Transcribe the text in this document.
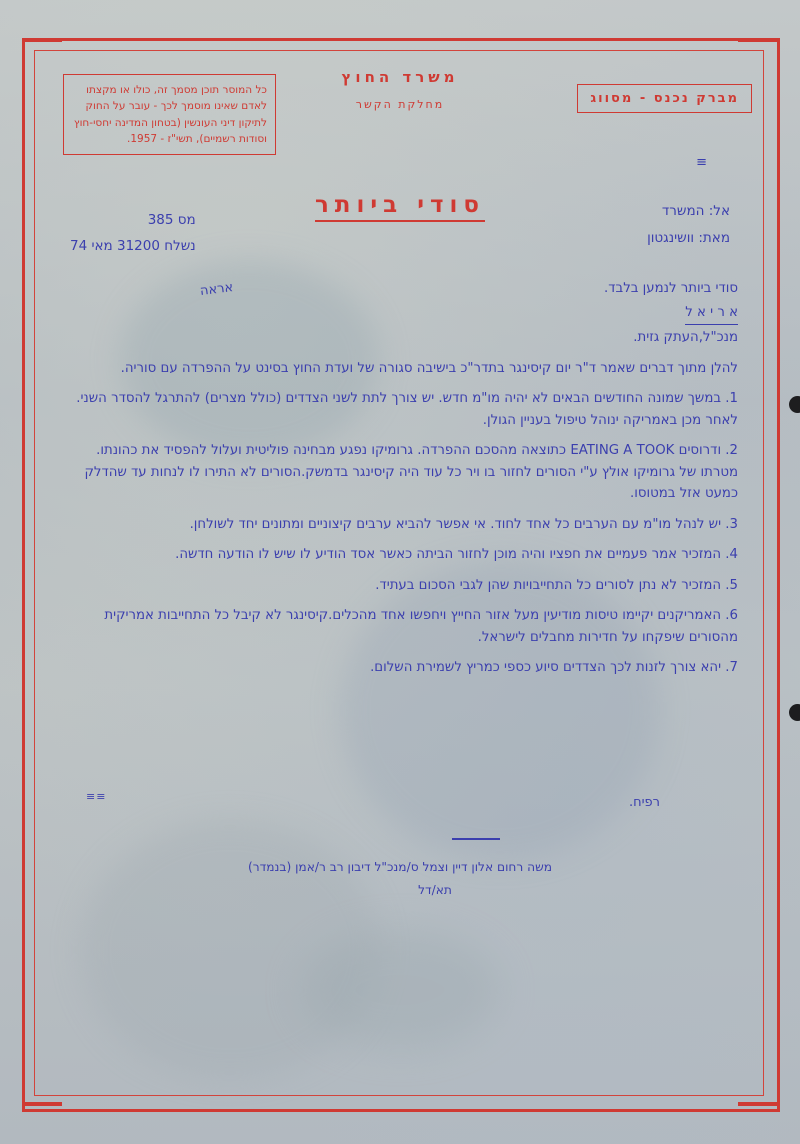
משרד החוץ
מחלקת הקשר	מברק נכנס - מסווג
כל המוסר תוכן מסמך זה, כולו או מקצתו לאדם שאינו מוסמך לכך - עובר על החוק לתיקון דיני העונשין (בטחון המדינה יחסי-חוץ וסודות רשמיים), תשי"ז - 1957.
≡
סודי ביותר
מס 385
נשלח 31200 מאי 74
אל: המשרד
מאת: וושינגטון
אראה	סודי ביותר לנמען בלבד.

א ר י א ל

מנכ"ל,העתק גזית.

להלן מתוך דברים שאמר ד"ר יום קיסינגר בתדר"כ בישיבה סגורה של ועדת החוץ בסינט על ההפרדה עם סוריה.

1. במשך שמונה החודשים הבאים לא יהיה מו"מ חדש. יש צורך לתת לשני הצדדים (כולל מצרים) להתרגל להסדר השני. לאחר מכן באמריקה ינוהל טיפול בעניין הגולן.

2. ודרוסים EATING A TOOK כתוצאה מהסכם ההפרדה. גרומיקו נפגע מבחינה פוליטית ועלול להפסיד את כהונתו. מטרתו של גרומיקו אולץ ע"י הסורים לחזור בו ויר כל עוד היה קיסינגר בדמשק.הסורים לא התירו לו לנחות עד שהדלק כמעט אזל במטוסו.

3. יש לנהל מו"מ עם הערבים כל אחד לחוד. אי אפשר להביא ערבים קיצוניים ומתונים יחד לשולחן.

4. המזכיר אמר פעמיים את חפציו והיה מוכן לחזור הביתה כאשר אסד הודיע לו שיש לו הודעה חדשה.

5. המזכיר לא נתן לסורים כל התחייבויות שהן לגבי הסכום בעתיד.

6. האמריקנים יקיימו טיסות מודיעין מעל אזור החייץ ויחפשו אחד מהכלים.קיסינגר לא קיבל כל התחייבות אמריקית מהסורים שיפקחו על חדירות מחבלים לישראל.

7. יהא צורך לזנות לכך הצדדים סיוע כספי כמריץ לשמירת השלום.

רפיח.
≡≡
משה רחום אלון דיין וצמל ס/מנכ"ל דיבון רב ר/אמן (בנמדר)
תא/דל
